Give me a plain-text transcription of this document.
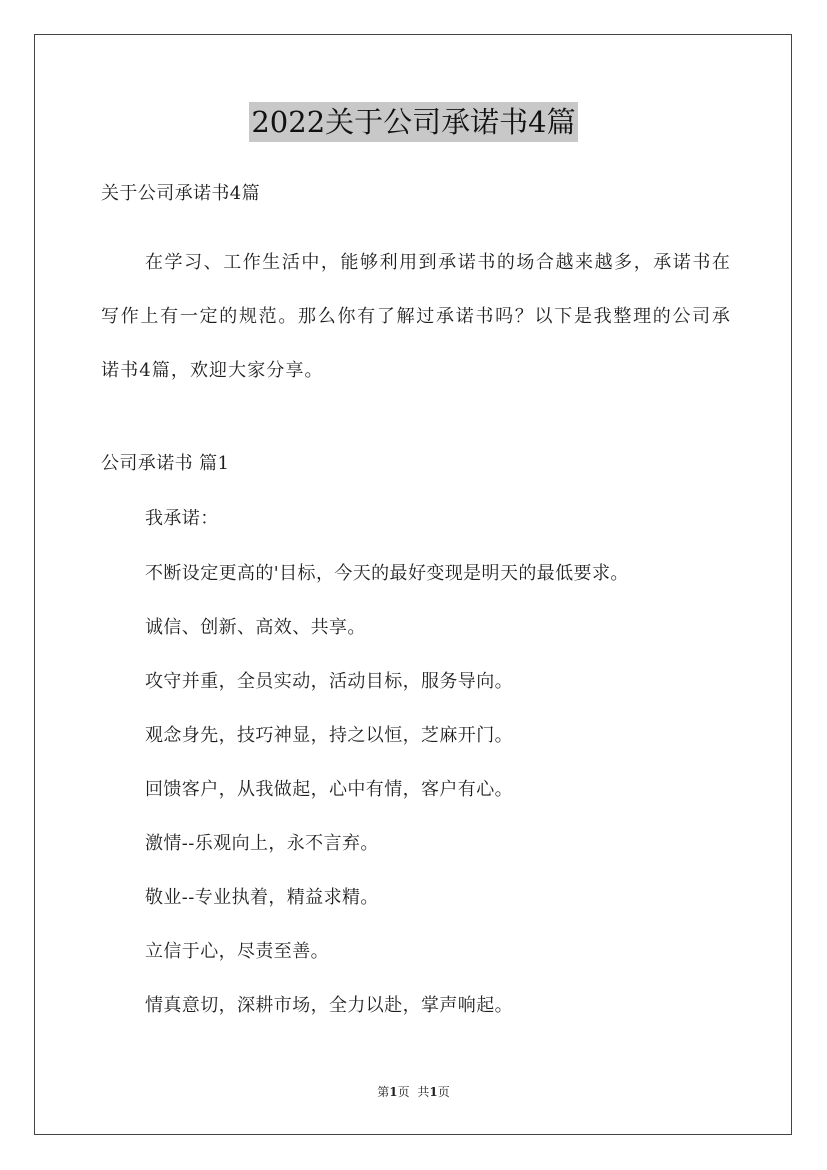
2022关于公司承诺书4篇
关于公司承诺书4篇
在学习、工作生活中，能够利用到承诺书的场合越来越多，承诺书在写作上有一定的规范。那么你有了解过承诺书吗？以下是我整理的公司承诺书4篇，欢迎大家分享。
公司承诺书 篇1
我承诺：
不断设定更高的'目标，今天的最好变现是明天的最低要求。
诚信、创新、高效、共享。
攻守并重，全员实动，活动目标，服务导向。
观念身先，技巧神显，持之以恒，芝麻开门。
回馈客户，从我做起，心中有情，客户有心。
激情--乐观向上，永不言弃。
敬业--专业执着，精益求精。
立信于心，尽责至善。
情真意切，深耕市场，全力以赴，掌声响起。
第1页 共1页
